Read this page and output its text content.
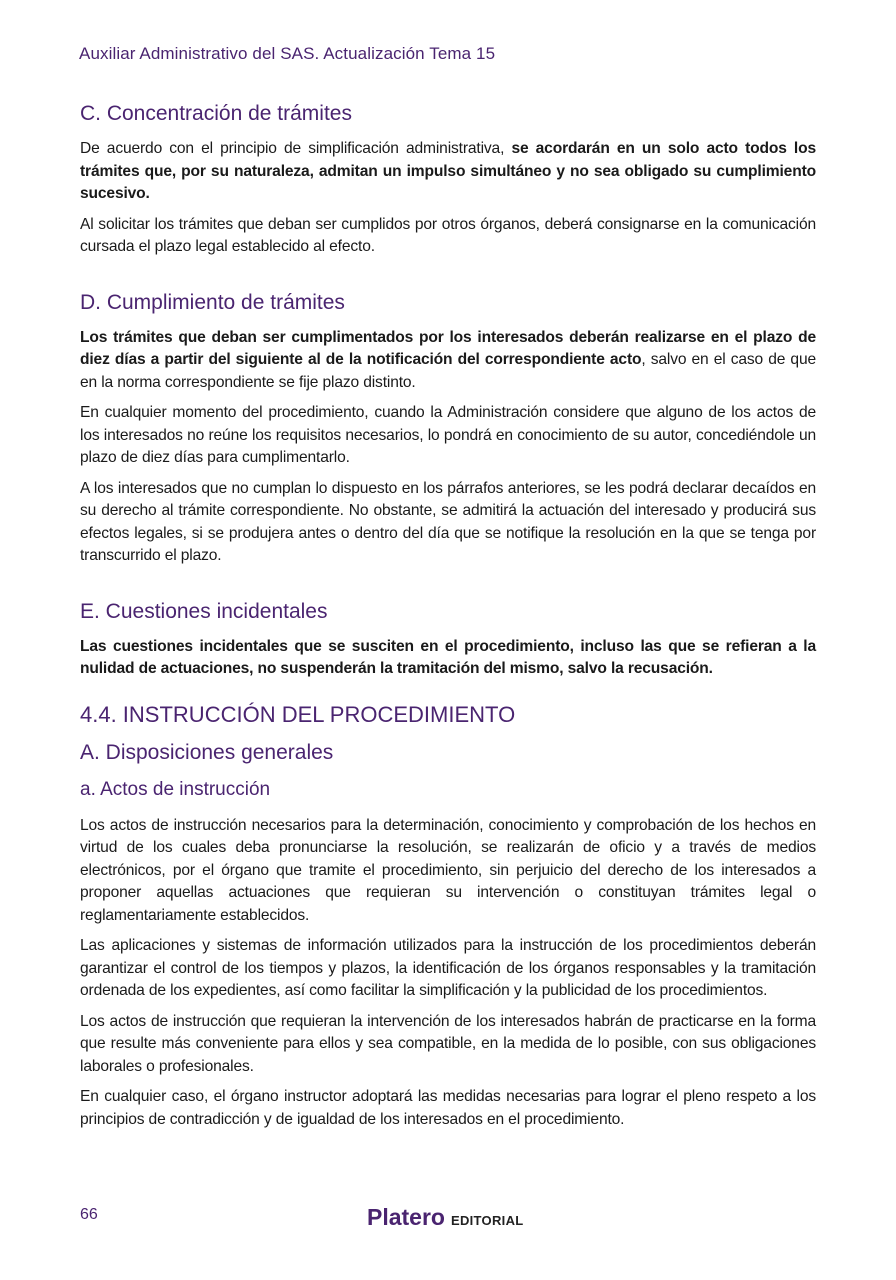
Auxiliar Administrativo del SAS. Actualización Tema 15
C. Concentración de trámites

De acuerdo con el principio de simplificación administrativa, se acordarán en un solo acto todos los trámites que, por su naturaleza, admitan un impulso simultáneo y no sea obligado su cumplimiento sucesivo.

Al solicitar los trámites que deban ser cumplidos por otros órganos, deberá consignarse en la comunicación cursada el plazo legal establecido al efecto.

D. Cumplimiento de trámites

Los trámites que deban ser cumplimentados por los interesados deberán realizarse en el plazo de diez días a partir del siguiente al de la notificación del correspondiente acto, salvo en el caso de que en la norma correspondiente se fije plazo distinto.

En cualquier momento del procedimiento, cuando la Administración considere que alguno de los actos de los interesados no reúne los requisitos necesarios, lo pondrá en conocimiento de su autor, concediéndole un plazo de diez días para cumplimentarlo.

A los interesados que no cumplan lo dispuesto en los párrafos anteriores, se les podrá declarar decaídos en su derecho al trámite correspondiente. No obstante, se admitirá la actuación del interesado y producirá sus efectos legales, si se produjera antes o dentro del día que se notifique la resolución en la que se tenga por transcurrido el plazo.

E. Cuestiones incidentales

Las cuestiones incidentales que se susciten en el procedimiento, incluso las que se refieran a la nulidad de actuaciones, no suspenderán la tramitación del mismo, salvo la recusación.

4.4. INSTRUCCIÓN DEL PROCEDIMIENTO
A. Disposiciones generales
a. Actos de instrucción

Los actos de instrucción necesarios para la determinación, conocimiento y comprobación de los hechos en virtud de los cuales deba pronunciarse la resolución, se realizarán de oficio y a través de medios electrónicos, por el órgano que tramite el procedimiento, sin perjuicio del derecho de los interesados a proponer aquellas actuaciones que requieran su intervención o constituyan trámites legal o reglamentariamente establecidos.

Las aplicaciones y sistemas de información utilizados para la instrucción de los procedimientos deberán garantizar el control de los tiempos y plazos, la identificación de los órganos responsables y la tramitación ordenada de los expedientes, así como facilitar la simplificación y la publicidad de los procedimientos.

Los actos de instrucción que requieran la intervención de los interesados habrán de practicarse en la forma que resulte más conveniente para ellos y sea compatible, en la medida de lo posible, con sus obligaciones laborales o profesionales.

En cualquier caso, el órgano instructor adoptará las medidas necesarias para lograr el pleno respeto a los principios de contradicción y de igualdad de los interesados en el procedimiento.

66	Platero EDITORIAL
